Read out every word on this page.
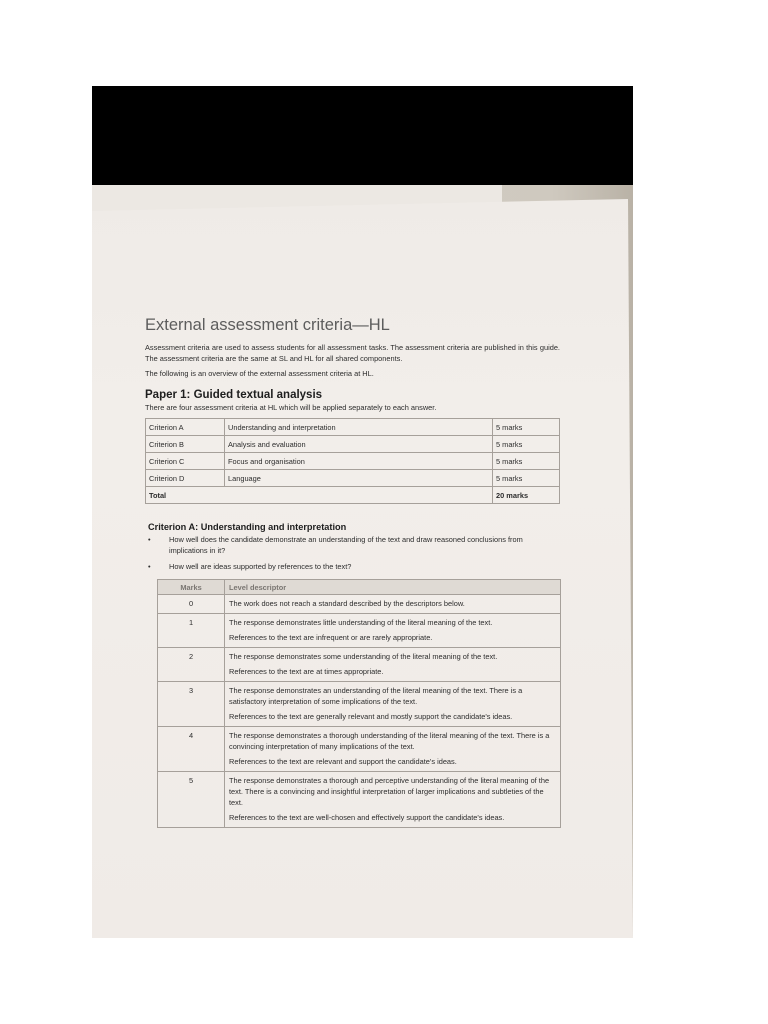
External assessment criteria—HL

Assessment criteria are used to assess students for all assessment tasks. The assessment criteria are published in this guide. The assessment criteria are the same at SL and HL for all shared components.

The following is an overview of the external assessment criteria at HL.

Paper 1: Guided textual analysis

There are four assessment criteria at HL which will be applied separately to each answer.

Criterion A	Understanding and interpretation	5 marks
Criterion B	Analysis and evaluation	5 marks
Criterion C	Focus and organisation	5 marks
Criterion D	Language	5 marks
Total		20 marks
Criterion A: Understanding and interpretation
• How well does the candidate demonstrate an understanding of the text and draw reasoned conclusions from implications in it?
• How well are ideas supported by references to the text?
Marks	Level descriptor
0	The work does not reach a standard described by the descriptors below.

1	The response demonstrates little understanding of the literal meaning of the text.

References to the text are infrequent or are rarely appropriate.

2	The response demonstrates some understanding of the literal meaning of the text.

References to the text are at times appropriate.

3	The response demonstrates an understanding of the literal meaning of the text. There is a satisfactory interpretation of some implications of the text.

References to the text are generally relevant and mostly support the candidate's ideas.

4	The response demonstrates a thorough understanding of the literal meaning of the text. There is a convincing interpretation of many implications of the text.

References to the text are relevant and support the candidate's ideas.

5	The response demonstrates a thorough and perceptive understanding of the literal meaning of the text. There is a convincing and insightful interpretation of larger implications and subtleties of the text.

References to the text are well-chosen and effectively support the candidate's ideas.
